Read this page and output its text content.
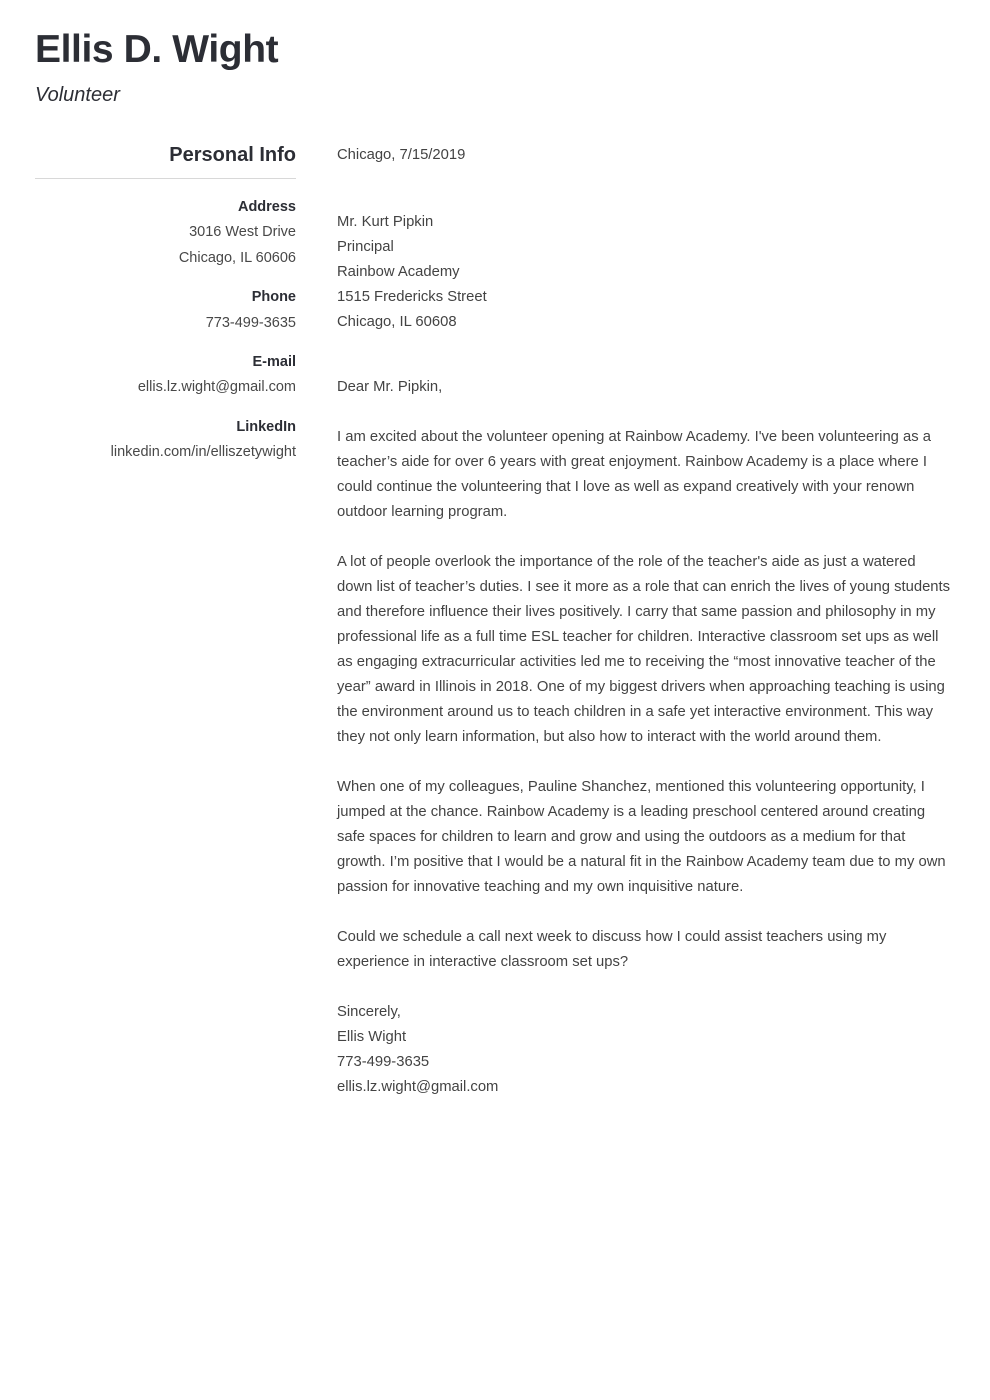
Ellis D. Wight

Volunteer

Personal Info
Address
3016 West Drive
Chicago, IL 60606
Phone
773-499-3635
E-mail
ellis.lz.wight@gmail.com
LinkedIn
linkedin.com/in/elliszetywight

Chicago, 7/15/2019

Mr. Kurt Pipkin

Principal

Rainbow Academy

1515 Fredericks Street

Chicago, IL 60608

Dear Mr. Pipkin,

I am excited about the volunteer opening at Rainbow Academy. I've been volunteering as a teacher’s aide for over 6 years with great enjoyment. Rainbow Academy is a place where I could continue the volunteering that I love as well as expand creatively with your renown outdoor learning program.

A lot of people overlook the importance of the role of the teacher's aide as just a watered down list of teacher’s duties. I see it more as a role that can enrich the lives of young students and therefore influence their lives positively. I carry that same passion and philosophy in my professional life as a full time ESL teacher for children. Interactive classroom set ups as well as engaging extracurricular activities led me to receiving the “most innovative teacher of the year” award in Illinois in 2018. One of my biggest drivers when approaching teaching is using the environment around us to teach children in a safe yet interactive environment. This way they not only learn information, but also how to interact with the world around them.

When one of my colleagues, Pauline Shanchez, mentioned this volunteering opportunity, I jumped at the chance. Rainbow Academy is a leading preschool centered around creating safe spaces for children to learn and grow and using the outdoors as a medium for that growth. I’m positive that I would be a natural fit in the Rainbow Academy team due to my own passion for innovative teaching and my own inquisitive nature.

Could we schedule a call next week to discuss how I could assist teachers using my experience in interactive classroom set ups?

Sincerely,

Ellis Wight

773-499-3635

ellis.lz.wight@gmail.com
